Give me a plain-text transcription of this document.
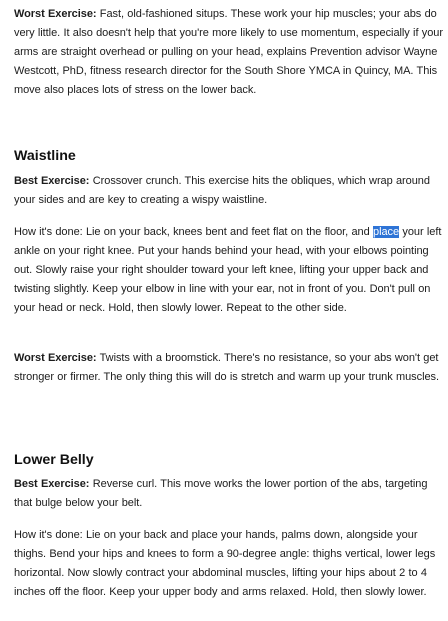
Worst Exercise: Fast, old-fashioned situps. These work your hip muscles; your abs do very little. It also doesn't help that you're more likely to use momentum, especially if your arms are straight overhead or pulling on your head, explains Prevention advisor Wayne Westcott, PhD, fitness research director for the South Shore YMCA in Quincy, MA. This move also places lots of stress on the lower back.

Waistline

Best Exercise: Crossover crunch. This exercise hits the obliques, which wrap around your sides and are key to creating a wispy waistline.

How it's done: Lie on your back, knees bent and feet flat on the floor, and place your left ankle on your right knee. Put your hands behind your head, with your elbows pointing out. Slowly raise your right shoulder toward your left knee, lifting your upper back and twisting slightly. Keep your elbow in line with your ear, not in front of you. Don't pull on your head or neck. Hold, then slowly lower. Repeat to the other side.

Worst Exercise: Twists with a broomstick. There's no resistance, so your abs won't get stronger or firmer. The only thing this will do is stretch and warm up your trunk muscles.

Lower Belly

Best Exercise: Reverse curl. This move works the lower portion of the abs, targeting that bulge below your belt.

How it's done: Lie on your back and place your hands, palms down, alongside your thighs. Bend your hips and knees to form a 90-degree angle: thighs vertical, lower legs horizontal. Now slowly contract your abdominal muscles, lifting your hips about 2 to 4 inches off the floor. Keep your upper body and arms relaxed. Hold, then slowly lower.
